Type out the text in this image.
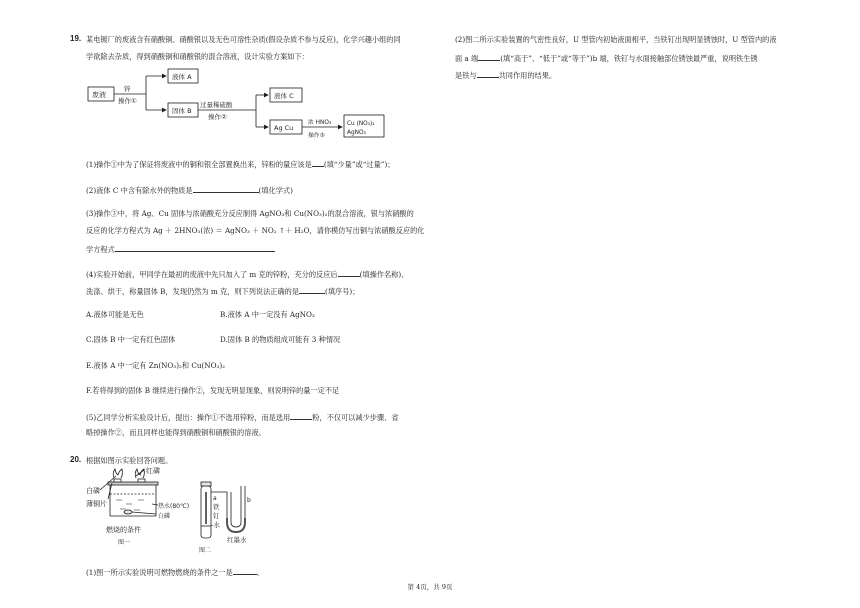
19. 某电镀厂的废液含有硝酸铜、硝酸银以及无色可溶性杂质(假设杂质不参与反应)，化学兴趣小组的同
学欲除去杂质，得到硝酸铜和硝酸银的混合溶液，设计实验方案如下：
废液
锌
操作①
液体 A
固体 B
过量稀硫酸
操作②
液体 C
Ag Cu
浓 HNO₃
操作③
Cu (NO₃)₂
AgNO₃
(1)操作①中为了保证将废液中的铜和银全部置换出来，锌粉的量应该是 (填“少量”或“过量”)；
(2)液体 C 中含有除水外的物质是	(填化学式)
(3)操作③中，将 Ag、Cu 固体与浓硝酸充分反应制得 AgNO₃和 Cu(NO₃)₂的混合溶液，银与浓硝酸的
反应的化学方程式为 Ag ＋ 2HNO₃(浓) ＝ AgNO₃ ＋ NO₂ ↑＋ H₂O，请你模仿写出铜与浓硝酸反应的化
学方程式
(4)实验开始前，甲同学在最初的废液中先只加入了 m 克的锌粉，充分的反应后	(填操作名称)、
洗涤、烘干，称量固体 B，发现仍然为 m 克，则下列说法正确的是	(填序号)；
A.液体可能是无色	B.液体 A 中一定没有 AgNO₃
C.固体 B 中一定有红色固体	D.固体 B 的物质组成可能有 3 种情况
E.液体 A 中一定有 Zn(NO₃)₂和 Cu(NO₃)₂
F.若将得到的固体 B 继续进行操作②，发现无明显现象，则说明锌的量一定不足
(5)乙同学分析实验设计后，提出：操作①不选用锌粉，而是选用	粉，不仅可以减少步骤、省
略掉操作②，而且同样也能得到硝酸铜和硝酸银的溶液。
20. 根据如图示实验回答问题。
红磷
白磷
薄铜片	热水(80℃)
白磷
燃烧的条件
图一
a	b
铁
钉
-水
红墨水
图二
(1)图一所示实验说明可燃物燃烧的条件之一是	。
(2)图二所示实验装置的气密性良好，U 型管内初始液面相平，当铁钉出现明显锈蚀时，U 型管内的液
面 a 端	(填“高于”、“低于”或“等于”)b 端，铁钉与水面接触部位锈蚀最严重，说明铁生锈
是铁与	共同作用的结果。
第 4页，共 9页
